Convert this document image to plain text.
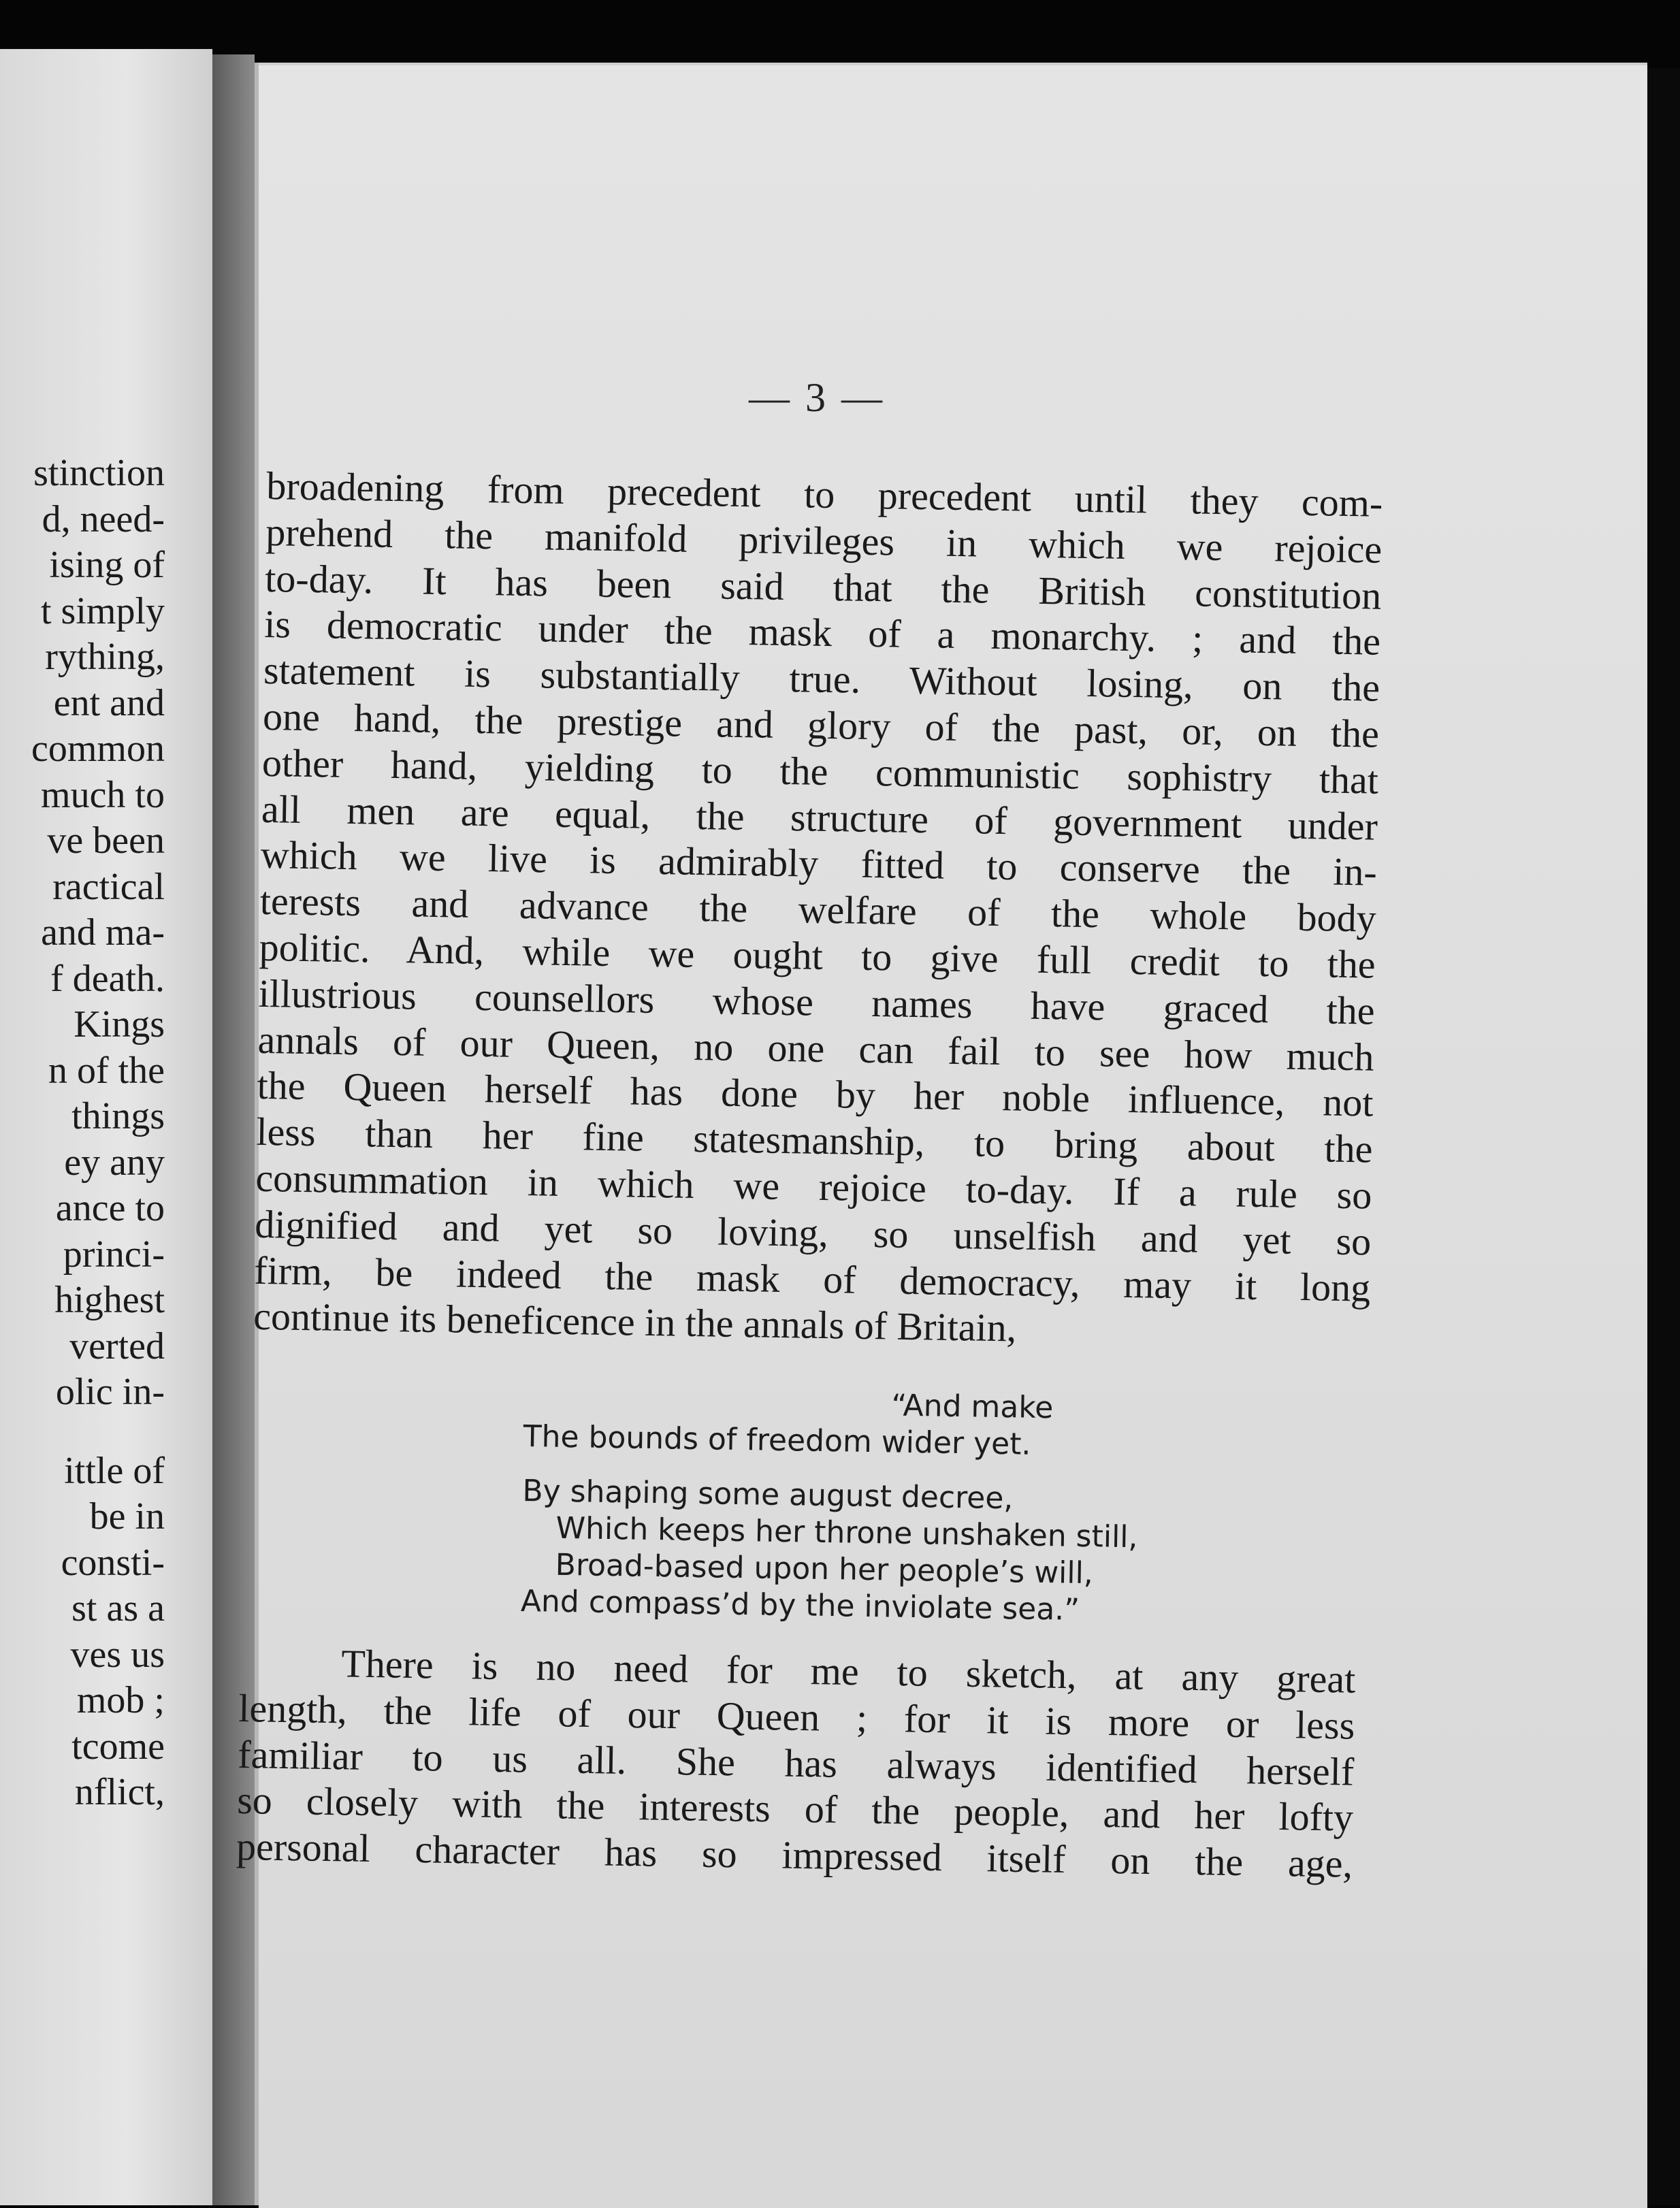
stinction
d, need-
ising of
t simply
rything,
ent and
common
much to
ve been
ractical
and ma-
f death.
Kings
n of the
things
ey any
ance to
princi-
highest
verted
olic in-
ittle of
be in
consti-
st as a
ves us
mob ;
tcome
nflict,
— 3 —
broadening from precedent to precedent until they com-
prehend the manifold privileges in which we rejoice
to-day. It has been said that the British constitution
is democratic under the mask of a monarchy. ; and the
statement is substantially true. Without losing, on the
one hand, the prestige and glory of the past, or, on the
other hand, yielding to the communistic sophistry that
all men are equal, the structure of government under
which we live is admirably fitted to conserve the in-
terests and advance the welfare of the whole body
politic. And, while we ought to give full credit to the
illustrious counsellors whose names have graced the
annals of our Queen, no one can fail to see how much
the Queen herself has done by her noble influence, not
less than her fine statesmanship, to bring about the
consummation in which we rejoice to-day. If a rule so
dignified and yet so loving, so unselfish and yet so
firm, be indeed the mask of democracy, may it long
continue its beneficence in the annals of Britain,
“And make
The bounds of freedom wider yet.
By shaping some august decree,
Which keeps her throne unshaken still,
Broad-based upon her people’s will,
And compass’d by the inviolate sea.”
There is no need for me to sketch, at any great
length, the life of our Queen ; for it is more or less
familiar to us all. She has always identified herself
so closely with the interests of the people, and her lofty
personal character has so impressed itself on the age,
